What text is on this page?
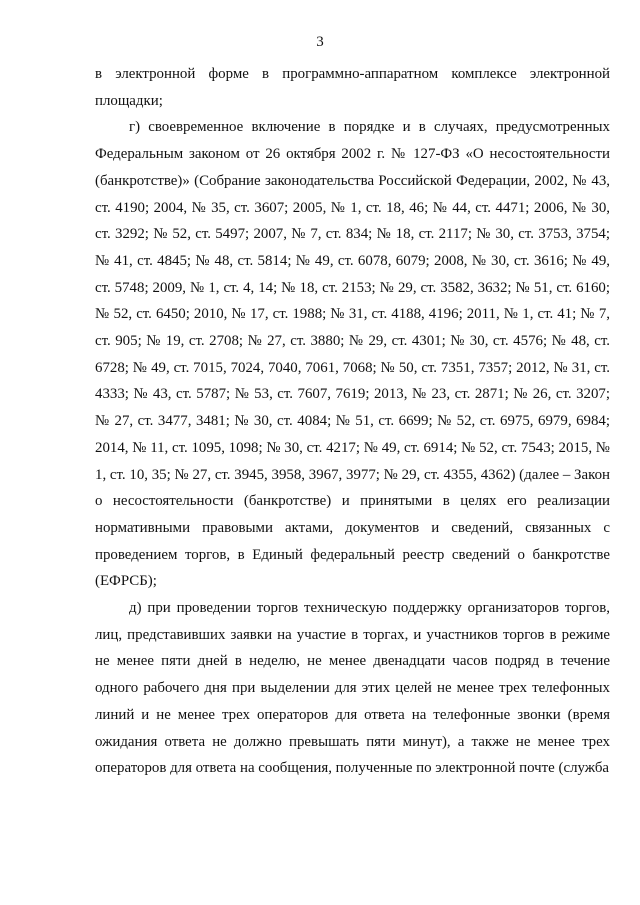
3

в электронной форме в программно-аппаратном комплексе электронной площадки;

г) своевременное включение в порядке и в случаях, предусмотренных Федеральным законом от 26 октября 2002 г. № 127-ФЗ «О несостоятельности (банкротстве)» (Собрание законодательства Российской Федерации, 2002, № 43, ст. 4190; 2004, № 35, ст. 3607; 2005, № 1, ст. 18, 46; № 44, ст. 4471; 2006, № 30, ст. 3292; № 52, ст. 5497; 2007, № 7, ст. 834; № 18, ст. 2117; № 30, ст. 3753, 3754; № 41, ст. 4845; № 48, ст. 5814; № 49, ст. 6078, 6079; 2008, № 30, ст. 3616; № 49, ст. 5748; 2009, № 1, ст. 4, 14; № 18, ст. 2153; № 29, ст. 3582, 3632; № 51, ст. 6160; № 52, ст. 6450; 2010, № 17, ст. 1988; № 31, ст. 4188, 4196; 2011, № 1, ст. 41; № 7, ст. 905; № 19, ст. 2708; № 27, ст. 3880; № 29, ст. 4301; № 30, ст. 4576; № 48, ст. 6728; № 49, ст. 7015, 7024, 7040, 7061, 7068; № 50, ст. 7351, 7357; 2012, № 31, ст. 4333; № 43, ст. 5787; № 53, ст. 7607, 7619; 2013, № 23, ст. 2871; № 26, ст. 3207; № 27, ст. 3477, 3481; № 30, ст. 4084; № 51, ст. 6699; № 52, ст. 6975, 6979, 6984; 2014, № 11, ст. 1095, 1098; № 30, ст. 4217; № 49, ст. 6914; № 52, ст. 7543; 2015, № 1, ст. 10, 35; № 27, ст. 3945, 3958, 3967, 3977; № 29, ст. 4355, 4362) (далее – Закон о несостоятельности (банкротстве) и принятыми в целях его реализации нормативными правовыми актами, документов и сведений, связанных с проведением торгов, в Единый федеральный реестр сведений о банкротстве (ЕФРСБ);

д) при проведении торгов техническую поддержку организаторов торгов, лиц, представивших заявки на участие в торгах, и участников торгов в режиме не менее пяти дней в неделю, не менее двенадцати часов подряд в течение одного рабочего дня при выделении для этих целей не менее трех телефонных линий и не менее трех операторов для ответа на телефонные звонки (время ожидания ответа не должно превышать пяти минут), а также не менее трех операторов для ответа на сообщения, полученные по электронной почте (служба
